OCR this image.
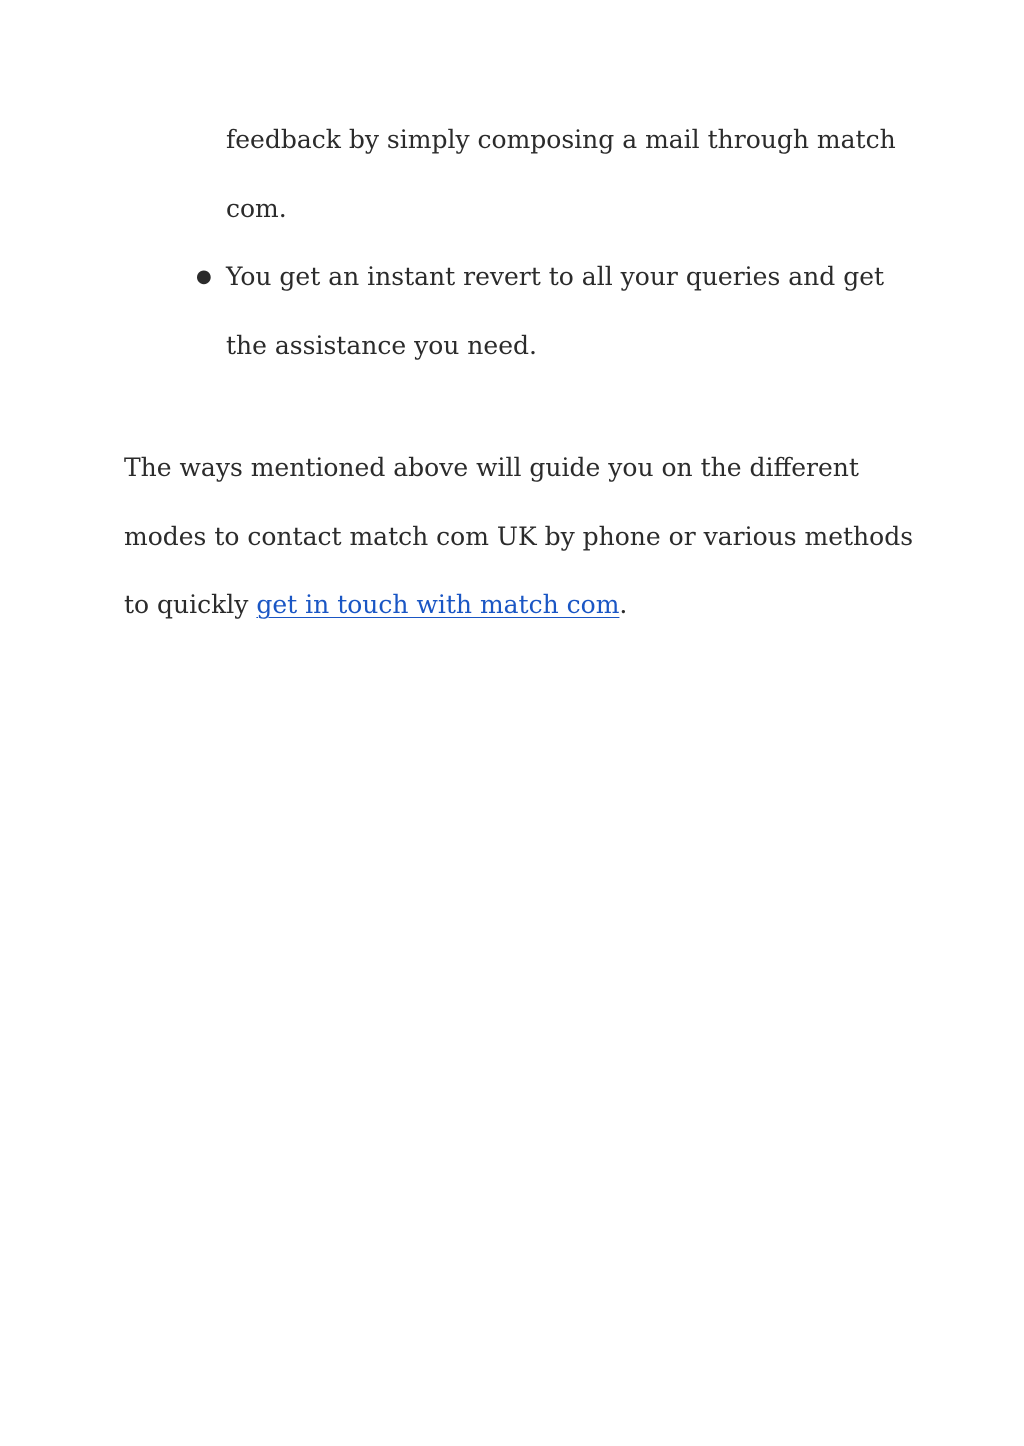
feedback by simply composing a mail through match com.
● You get an instant revert to all your queries and get the assistance you need.

The ways mentioned above will guide you on the different modes to contact match com UK by phone or various methods to quickly get in touch with match com.
